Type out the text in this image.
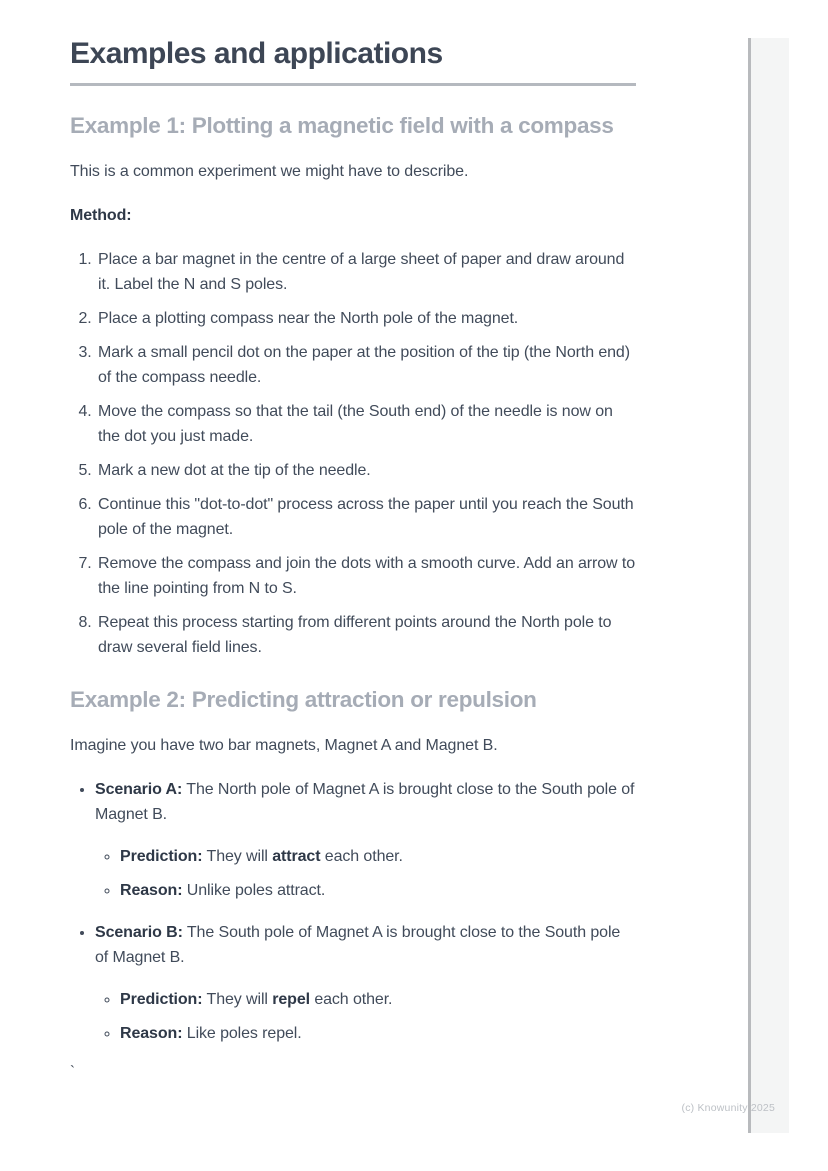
Examples and applications
Example 1: Plotting a magnetic field with a compass

This is a common experiment we might have to describe.

Method:

1. Place a bar magnet in the centre of a large sheet of paper and draw around it. Label the N and S poles.
2. Place a plotting compass near the North pole of the magnet.
3. Mark a small pencil dot on the paper at the position of the tip (the North end) of the compass needle.
4. Move the compass so that the tail (the South end) of the needle is now on the dot you just made.
5. Mark a new dot at the tip of the needle.
6. Continue this "dot-to-dot" process across the paper until you reach the South pole of the magnet.
7. Remove the compass and join the dots with a smooth curve. Add an arrow to the line pointing from N to S.
8. Repeat this process starting from different points around the North pole to draw several field lines.
Example 2: Predicting attraction or repulsion

Imagine you have two bar magnets, Magnet A and Magnet B.

• Scenario A: The North pole of Magnet A is brought close to the South pole of Magnet B.
◦ Prediction: They will attract each other.
◦ Reason: Unlike poles attract.
• Scenario B: The South pole of Magnet A is brought close to the South pole of Magnet B.
◦ Prediction: They will repel each other.
◦ Reason: Like poles repel.
`
(c) Knowunity 2025
